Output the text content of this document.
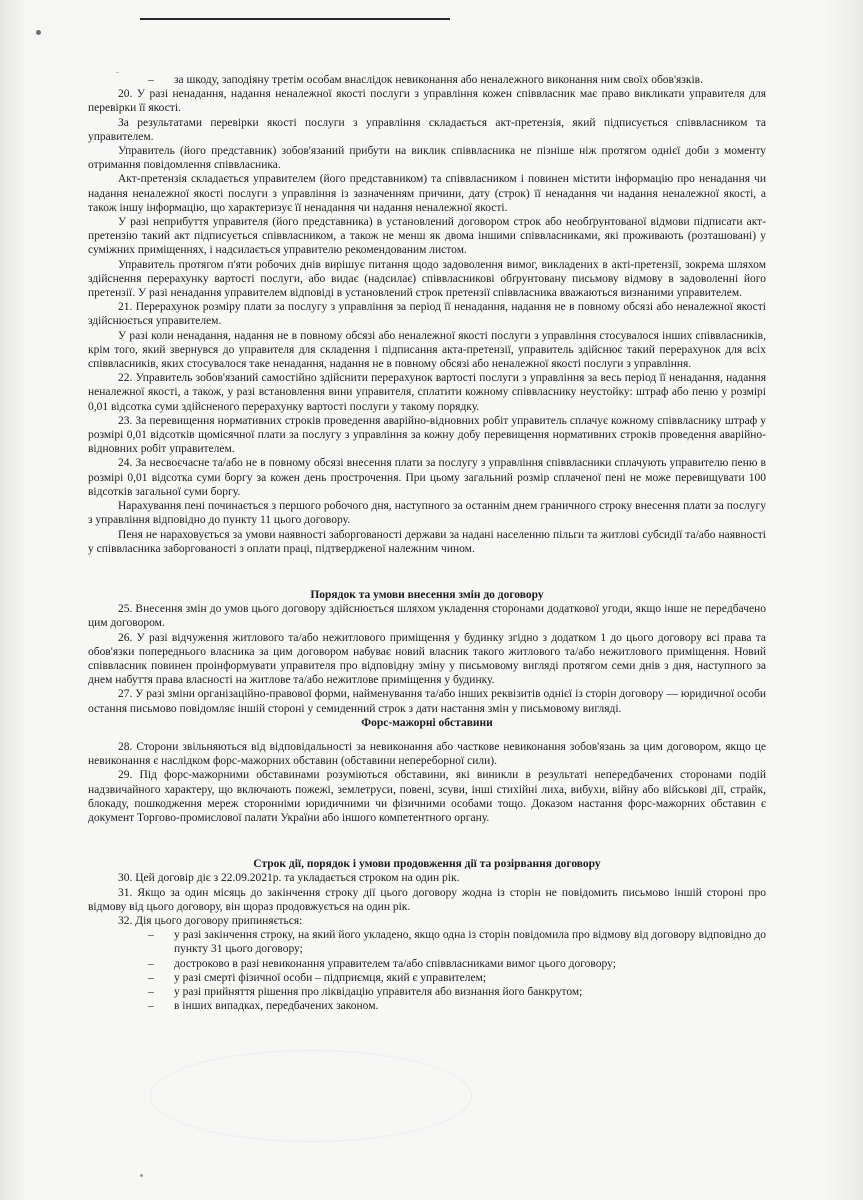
–	за шкоду, заподіяну третім особам внаслідок невиконання або неналежного виконання ним своїх обов'язків.

20. У разі ненадання, надання неналежної якості послуги з управління кожен співвласник має право викликати управителя для перевірки її якості.

За результатами перевірки якості послуги з управління складається акт-претензія, який підписується співвласником та управителем.

Управитель (його представник) зобов'язаний прибути на виклик співвласника не пізніше ніж протягом однієї доби з моменту отримання повідомлення співвласника.

Акт-претензія складається управителем (його представником) та співвласником і повинен містити інформацію про ненадання чи надання неналежної якості послуги з управління із зазначенням причини, дату (строк) її ненадання чи надання неналежної якості, а також іншу інформацію, що характеризує її ненадання чи надання неналежної якості.

У разі неприбуття управителя (його представника) в установлений договором строк або необґрунтованої відмови підписати акт-претензію такий акт підписується співвласником, а також не менш як двома іншими співвласниками, які проживають (розташовані) у суміжних приміщеннях, і надсилається управителю рекомендованим листом.

Управитель протягом п'яти робочих днів вирішує питання щодо задоволення вимог, викладених в акті-претензії, зокрема шляхом здійснення перерахунку вартості послуги, або видає (надсилає) співвласникові обґрунтовану письмову відмову в задоволенні його претензії. У разі ненадання управителем відповіді в установлений строк претензії співвласника вважаються визнаними управителем.

21. Перерахунок розміру плати за послугу з управління за період її ненадання, надання не в повному обсязі або неналежної якості здійснюється управителем.

У разі коли ненадання, надання не в повному обсязі або неналежної якості послуги з управління стосувалося інших співвласників, крім того, який звернувся до управителя для складення і підписання акта-претензії, управитель здійснює такий перерахунок для всіх співвласників, яких стосувалося таке ненадання, надання не в повному обсязі або неналежної якості послуги з управління.

22. Управитель зобов'язаний самостійно здійснити перерахунок вартості послуги з управління за весь період її ненадання, надання неналежної якості, а також, у разі встановлення вини управителя, сплатити кожному співвласнику неустойку: штраф або пеню у розмірі 0,01 відсотка суми здійсненого перерахунку вартості послуги у такому порядку.

23. За перевищення нормативних строків проведення аварійно-відновних робіт управитель сплачує кожному співвласнику штраф у розмірі 0,01 відсотків щомісячної плати за послугу з управління за кожну добу перевищення нормативних строків проведення аварійно-відновних робіт управителем.

24. За несвоєчасне та/або не в повному обсязі внесення плати за послугу з управління співвласники сплачують управителю пеню в розмірі 0,01 відсотка суми боргу за кожен день прострочення. При цьому загальний розмір сплаченої пені не може перевищувати 100 відсотків загальної суми боргу.

Нарахування пені починається з першого робочого дня, наступного за останнім днем граничного строку внесення плати за послугу з управління відповідно до пункту 11 цього договору.

Пеня не нараховується за умови наявності заборгованості держави за надані населенню пільги та житлові субсидії та/або наявності у співвласника заборгованості з оплати праці, підтвердженої належним чином.

Порядок та умови внесення змін до договору

25. Внесення змін до умов цього договору здійснюється шляхом укладення сторонами додаткової угоди, якщо інше не передбачено цим договором.

26. У разі відчуження житлового та/або нежитлового приміщення у будинку згідно з додатком 1 до цього договору всі права та обов'язки попереднього власника за цим договором набуває новий власник такого житлового та/або нежитлового приміщення. Новий співвласник повинен проінформувати управителя про відповідну зміну у письмовому вигляді протягом семи днів з дня, наступного за днем набуття права власності на житлове та/або нежитлове приміщення у будинку.

27. У разі зміни організаційно-правової форми, найменування та/або інших реквізитів однієї із сторін договору — юридичної особи остання письмово повідомляє іншій стороні у семиденний строк з дати настання змін у письмовому вигляді.

Форс-мажорні обставини

28. Сторони звільняються від відповідальності за невиконання або часткове невиконання зобов'язань за цим договором, якщо це невиконання є наслідком форс-мажорних обставин (обставини непереборної сили).

29. Під форс-мажорними обставинами розуміються обставини, які виникли в результаті непередбачених сторонами подій надзвичайного характеру, що включають пожежі, землетруси, повені, зсуви, інші стихійні лиха, вибухи, війну або військові дії, страйк, блокаду, пошкодження мереж сторонніми юридичними чи фізичними особами тощо. Доказом настання форс-мажорних обставин є документ Торгово-промислової палати України або іншого компетентного органу.

Строк дії, порядок і умови продовження дії та розірвання договору

30. Цей договір діє з 22.09.2021р. та укладається строком на один рік.

31. Якщо за один місяць до закінчення строку дії цього договору жодна із сторін не повідомить письмово іншій стороні про відмову від цього договору, він щораз продовжується на один рік.

32. Дія цього договору припиняється:

–	у разі закінчення строку, на який його укладено, якщо одна із сторін повідомила про відмову від договору відповідно до пункту 31 цього договору;
–	достроково в разі невиконання управителем та/або співвласниками вимог цього договору;
–	у разі смерті фізичної особи – підприємця, який є управителем;
–	у разі прийняття рішення про ліквідацію управителя або визнання його банкрутом;
–	в інших випадках, передбачених законом.
